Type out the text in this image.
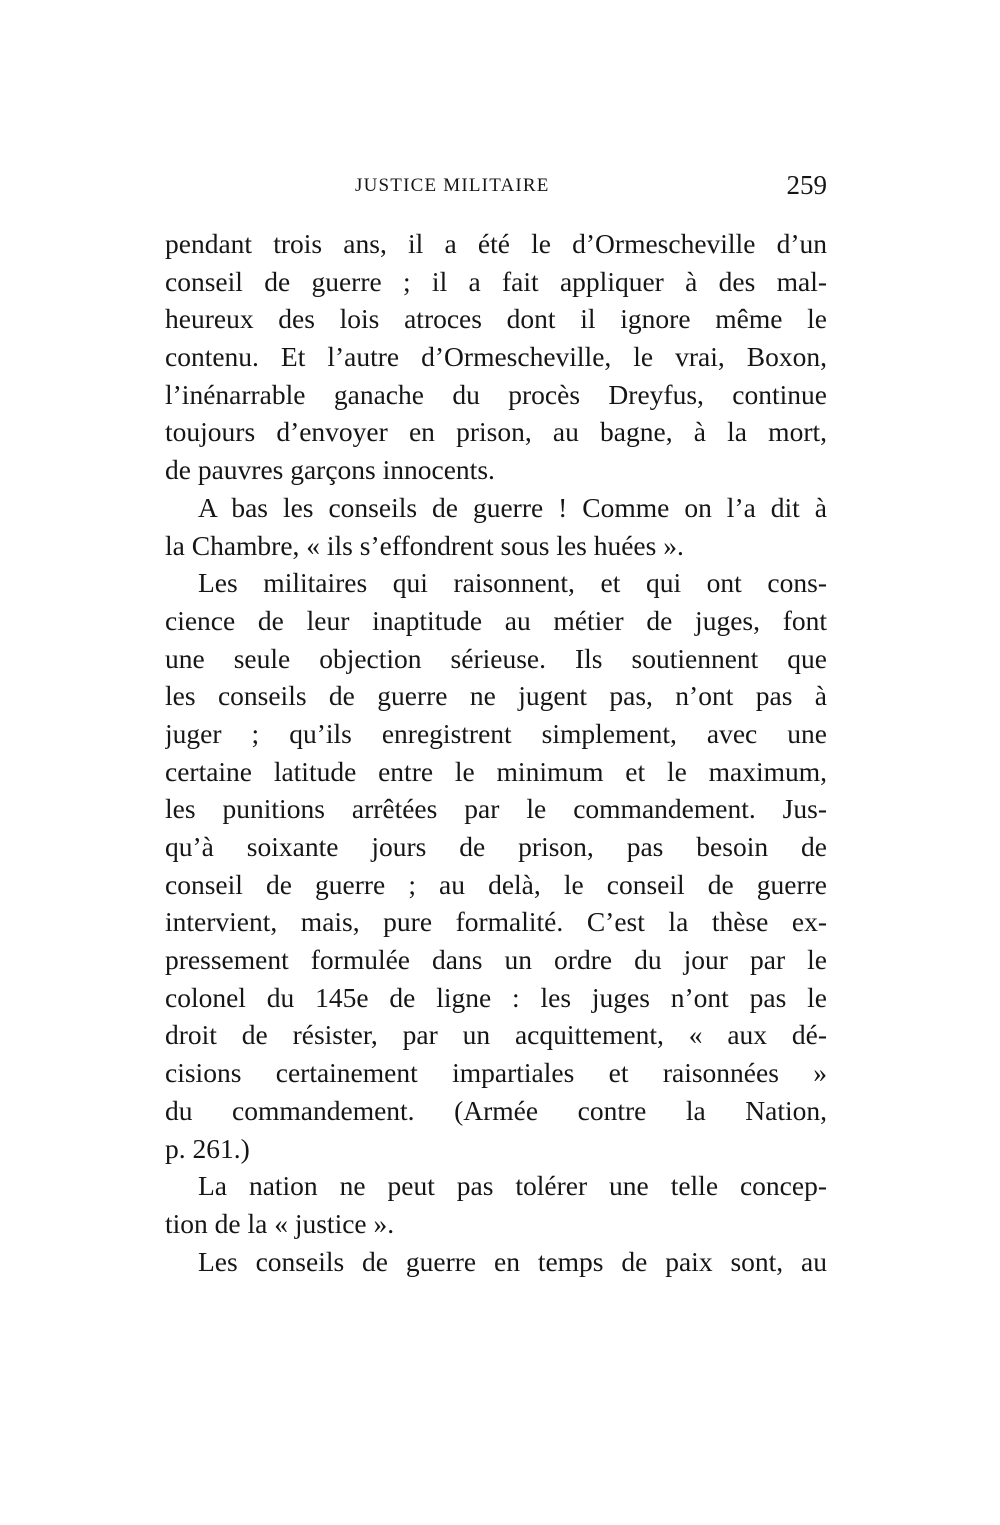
JUSTICE MILITAIRE	259
pendant trois ans, il a été le d’Ormescheville d’un
conseil de guerre ; il a fait appliquer à des mal-
heureux des lois atroces dont il ignore même le
contenu. Et l’autre d’Ormescheville, le vrai, Boxon,
l’inénarrable ganache du procès Dreyfus, continue
toujours d’envoyer en prison, au bagne, à la mort,
de pauvres garçons innocents.
A bas les conseils de guerre ! Comme on l’a dit à
la Chambre, « ils s’effondrent sous les huées ».
Les militaires qui raisonnent, et qui ont cons-
cience de leur inaptitude au métier de juges, font
une seule objection sérieuse. Ils soutiennent que
les conseils de guerre ne jugent pas, n’ont pas à
juger ; qu’ils enregistrent simplement, avec une
certaine latitude entre le minimum et le maximum,
les punitions arrêtées par le commandement. Jus-
qu’à soixante jours de prison, pas besoin de
conseil de guerre ; au delà, le conseil de guerre
intervient, mais, pure formalité. C’est la thèse ex-
pressement formulée dans un ordre du jour par le
colonel du 145e de ligne : les juges n’ont pas le
droit de résister, par un acquittement, « aux dé-
cisions certainement impartiales et raisonnées »
du commandement. (Armée contre la Nation,
p. 261.)
La nation ne peut pas tolérer une telle concep-
tion de la « justice ».
Les conseils de guerre en temps de paix sont, au
